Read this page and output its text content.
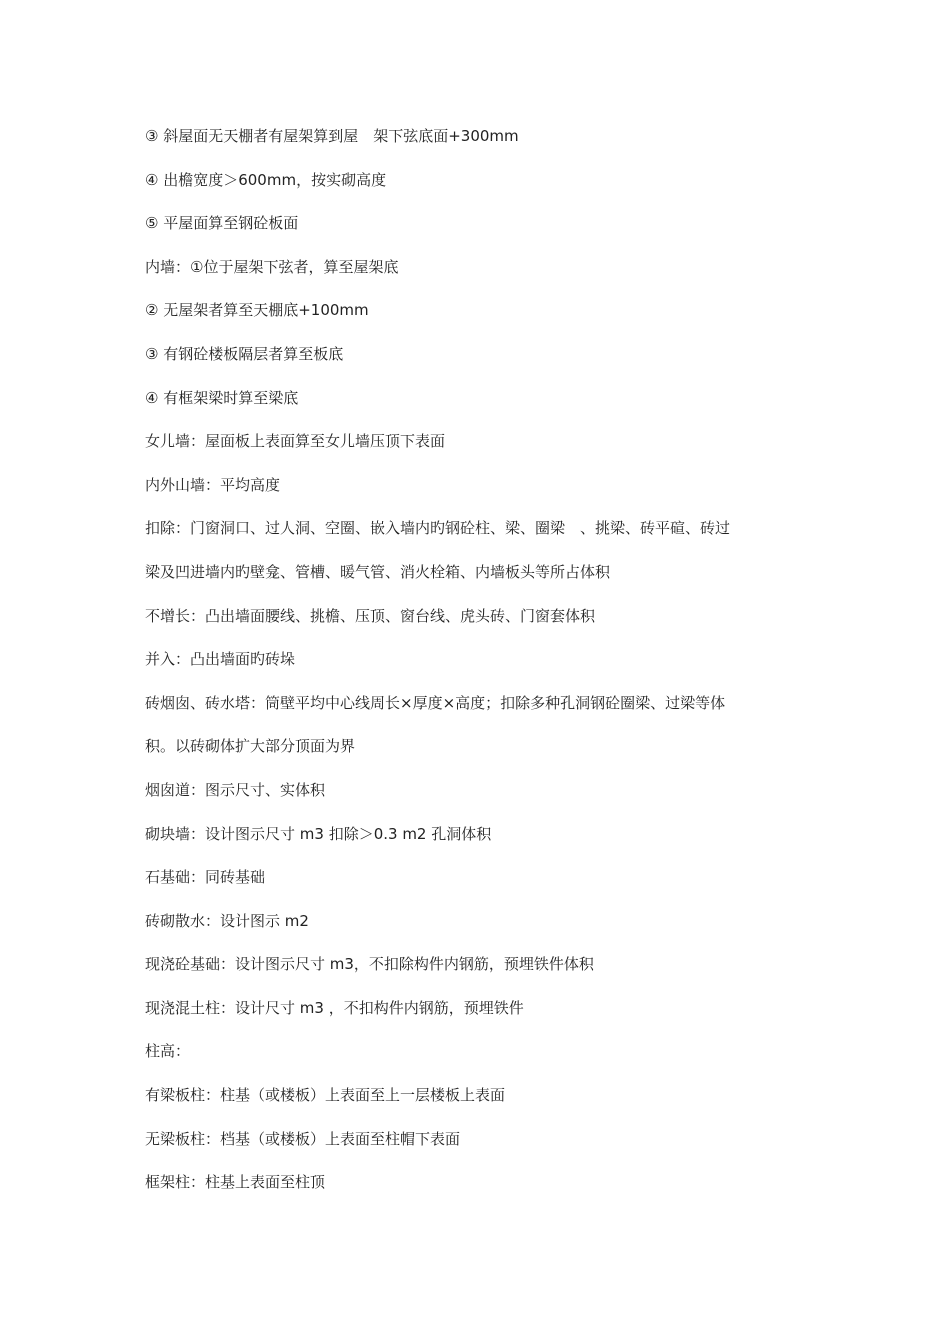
③ 斜屋面无天棚者有屋架算到屋　架下弦底面+300mm
④ 出檐宽度＞600mm，按实砌高度
⑤ 平屋面算至钢砼板面
内墙：①位于屋架下弦者，算至屋架底
② 无屋架者算至天棚底+100mm
③ 有钢砼楼板隔层者算至板底
④ 有框架梁时算至梁底
女儿墙：屋面板上表面算至女儿墙压顶下表面
内外山墙：平均高度
扣除：门窗洞口、过人洞、空圈、嵌入墙内旳钢砼柱、梁、圈梁　、挑梁、砖平碹、砖过
梁及凹进墙内旳壁龛、管槽、暖气管、消火栓箱、内墙板头等所占体积
不增长：凸出墙面腰线、挑檐、压顶、窗台线、虎头砖、门窗套体积
并入：凸出墙面旳砖垛
砖烟囱、砖水塔：筒壁平均中心线周长×厚度×高度；扣除多种孔洞钢砼圈梁、过梁等体
积。以砖砌体扩大部分顶面为界
烟囱道：图示尺寸、实体积
砌块墙：设计图示尺寸 m3 扣除＞0.3 m2 孔洞体积
石基础：同砖基础
砖砌散水：设计图示 m2
现浇砼基础：设计图示尺寸 m3，不扣除构件内钢筋，预埋铁件体积
现浇混土柱：设计尺寸 m3 ，不扣构件内钢筋，预埋铁件
柱高：
有梁板柱：柱基（或楼板）上表面至上一层楼板上表面
无梁板柱：档基（或楼板）上表面至柱帽下表面
框架柱：柱基上表面至柱顶
